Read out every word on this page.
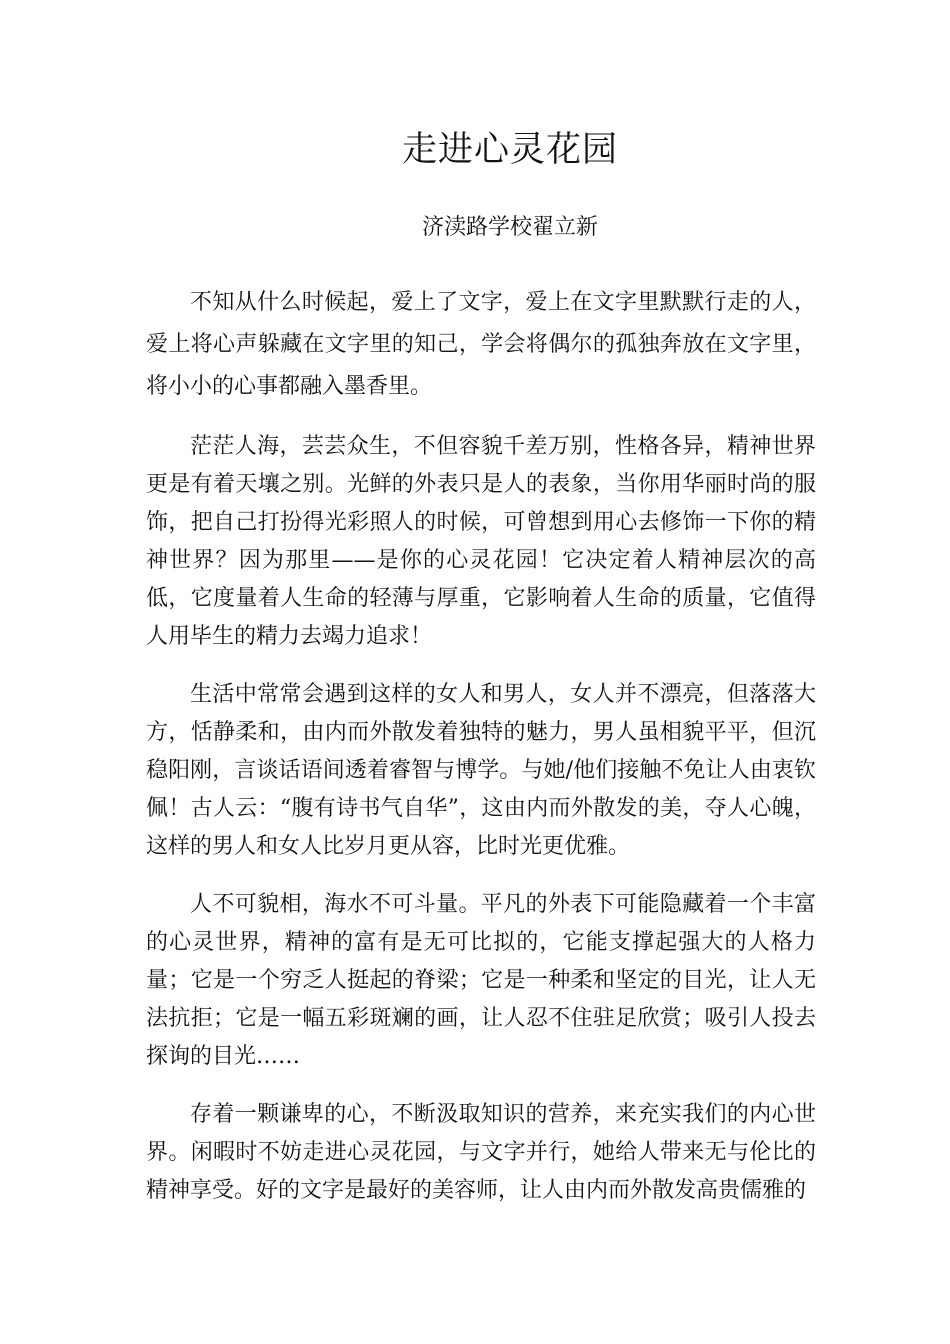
走进心灵花园
济渎路学校翟立新

不知从什么时候起，爱上了文字，爱上在文字里默默行走的人，爱上将心声躲藏在文字里的知己，学会将偶尔的孤独奔放在文字里，将小小的心事都融入墨香里。

茫茫人海，芸芸众生，不但容貌千差万别，性格各异，精神世界更是有着天壤之别。光鲜的外表只是人的表象，当你用华丽时尚的服饰，把自己打扮得光彩照人的时候，可曾想到用心去修饰一下你的精神世界？因为那里——是你的心灵花园！它决定着人精神层次的高低，它度量着人生命的轻薄与厚重，它影响着人生命的质量，它值得人用毕生的精力去竭力追求！

生活中常常会遇到这样的女人和男人，女人并不漂亮，但落落大方，恬静柔和，由内而外散发着独特的魅力，男人虽相貌平平，但沉稳阳刚，言谈话语间透着睿智与博学。与她/他们接触不免让人由衷钦佩！古人云：“腹有诗书气自华”，这由内而外散发的美，夺人心魄，这样的男人和女人比岁月更从容，比时光更优雅。

人不可貌相，海水不可斗量。平凡的外表下可能隐藏着一个丰富的心灵世界，精神的富有是无可比拟的，它能支撑起强大的人格力量；它是一个穷乏人挺起的脊梁；它是一种柔和坚定的目光，让人无法抗拒；它是一幅五彩斑斓的画，让人忍不住驻足欣赏；吸引人投去探询的目光……

存着一颗谦卑的心，不断汲取知识的营养，来充实我们的内心世界。闲暇时不妨走进心灵花园，与文字并行，她给人带来无与伦比的精神享受。好的文字是最好的美容师，让人由内而外散发高贵儒雅的
